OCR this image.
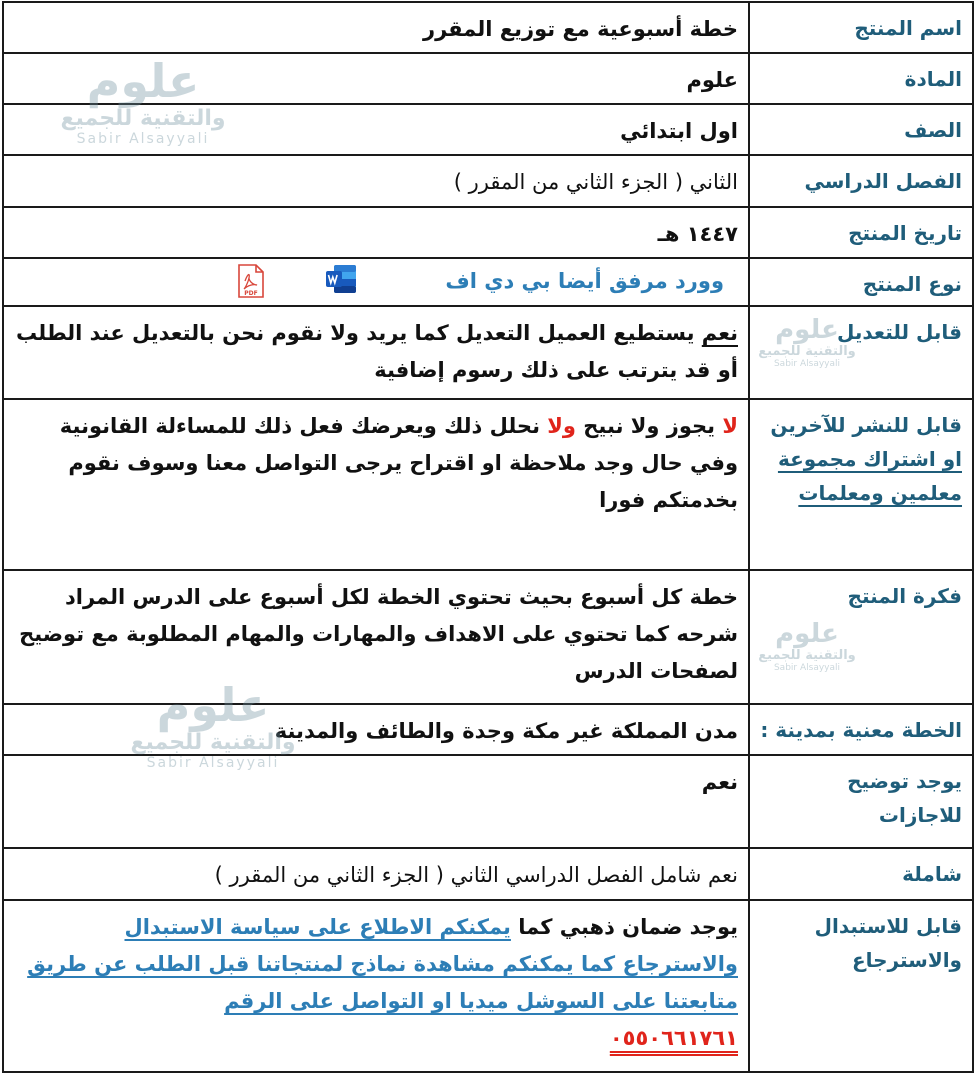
اسم المنتج	خطة أسبوعية مع توزيع المقرر
المادة	علوم
الصف	اول ابتدائي
الفصل الدراسي	الثاني ( الجزء الثاني من المقرر )
تاريخ المنتج	١٤٤٧ هـ
نوع المنتج	وورد مرفق أيضا بي دي اف
PDF

قابل للتعديل	نعم يستطيع العميل التعديل كما يريد ولا نقوم نحن بالتعديل عند الطلب أو قد يترتب على ذلك رسوم إضافية
قابل للنشر للآخرين او اشتراك مجموعة معلمين ومعلمات	لا يجوز ولا نبيح ولا نحلل ذلك ويعرضك فعل ذلك للمساءلة القانونية وفي حال وجد ملاحظة او اقتراح يرجى التواصل معنا وسوف نقوم بخدمتكم فورا
فكرة المنتج	خطة كل أسبوع بحيث تحتوي الخطة لكل أسبوع على الدرس المراد شرحه كما تحتوي على الاهداف والمهارات والمهام المطلوبة مع توضيح لصفحات الدرس
الخطة معنية بمدينة :	مدن المملكة غير مكة وجدة والطائف والمدينة
يوجد توضيح للاجازات	نعم
شاملة	نعم شامل الفصل الدراسي الثاني ( الجزء الثاني من المقرر )
قابل للاستبدال والاسترجاع	يوجد ضمان ذهبي كما يمكنكم الاطلاع على سياسة الاستبدال والاسترجاع كما يمكنكم مشاهدة نماذج لمنتجاتنا قبل الطلب عن طريق متابعتنا على السوشل ميديا او التواصل على الرقم
٠٥٥٠٦٦١٧٦١
علوم
والتقنية للجميع
Sabir Alsayyali
علوم
والتقنية للجميع
Sabir Alsayyali
علوم
والتقنية للجميع
Sabir Alsayyali
علوم
والتقنية للجميع
Sabir Alsayyali
